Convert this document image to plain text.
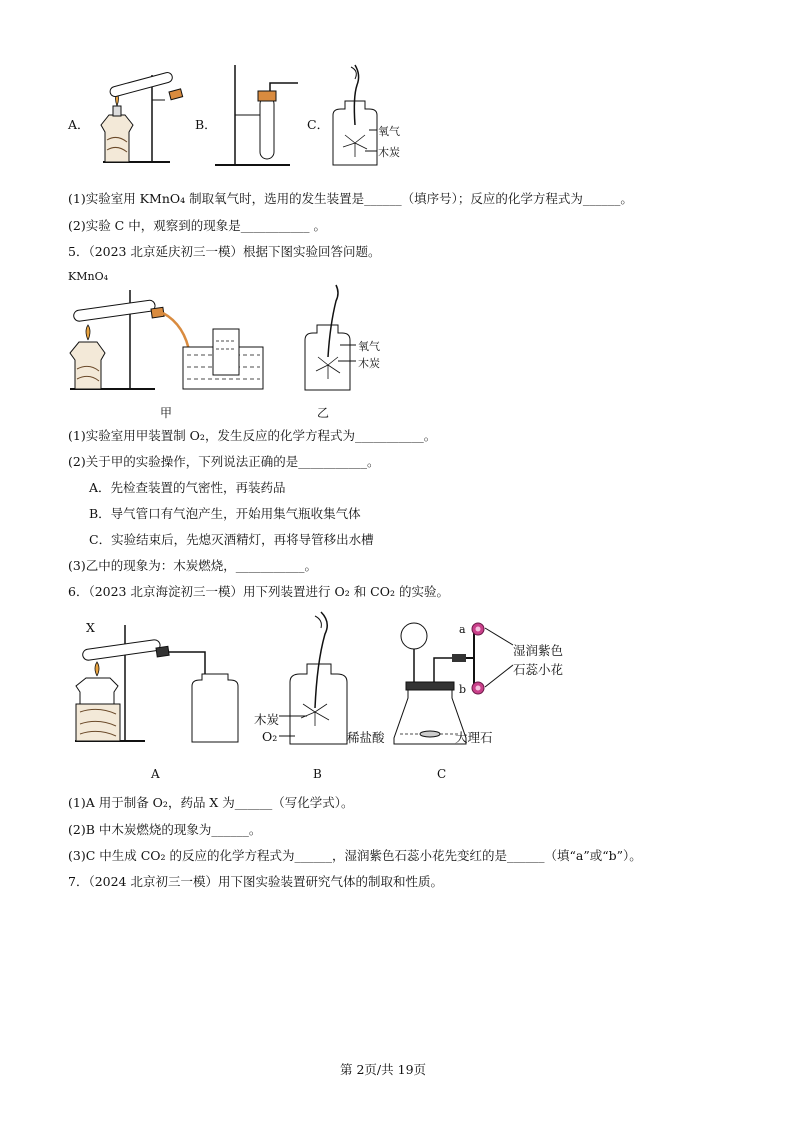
A．	B．	C．	氧气
木炭
(1)实验室用 KMnO₄ 制取氧气时，选用的发生装置是______（填序号）；反应的化学方程式为______。
(2)实验 C 中，观察到的现象是___________ 。
5．（2023 北京延庆初三一模）根据下图实验回答问题。
KMnO₄
氧气
木炭
甲	乙
(1)实验室用甲装置制 O₂，发生反应的化学方程式为___________。
(2)关于甲的实验操作，下列说法正确的是___________。
A．先检查装置的气密性，再装药品
B．导气管口有气泡产生，开始用集气瓶收集气体
C．实验结束后，先熄灭酒精灯，再将导管移出水槽
(3)乙中的现象为：木炭燃烧，___________。
6．（2023 北京海淀初三一模）用下列装置进行 O₂ 和 CO₂ 的实验。
X
木炭
O₂
a
b
湿润紫色
石蕊小花
稀盐酸	大理石
A	B	C
(1)A 用于制备 O₂，药品 X 为______（写化学式）。
(2)B 中木炭燃烧的现象为______。
(3)C 中生成 CO₂ 的反应的化学方程式为______，湿润紫色石蕊小花先变红的是______（填“a”或“b”）。
7．（2024 北京初三一模）用下图实验装置研究气体的制取和性质。
第 2页/共 19页
